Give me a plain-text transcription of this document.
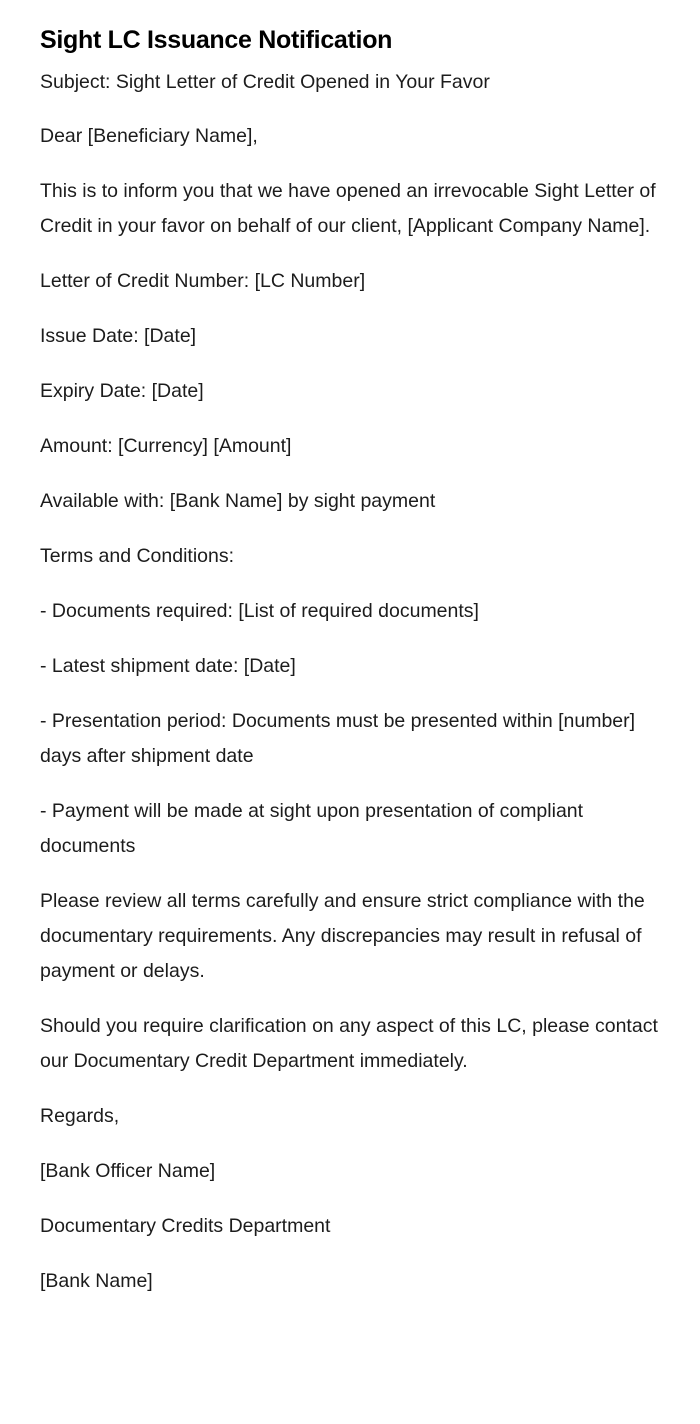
Sight LC Issuance Notification

Subject: Sight Letter of Credit Opened in Your Favor

Dear [Beneficiary Name],

This is to inform you that we have opened an irrevocable Sight Letter of Credit in your favor on behalf of our client, [Applicant Company Name].

Letter of Credit Number: [LC Number]

Issue Date: [Date]

Expiry Date: [Date]

Amount: [Currency] [Amount]

Available with: [Bank Name] by sight payment

Terms and Conditions:

- Documents required: [List of required documents]

- Latest shipment date: [Date]

- Presentation period: Documents must be presented within [number] days after shipment date

- Payment will be made at sight upon presentation of compliant documents

Please review all terms carefully and ensure strict compliance with the documentary requirements. Any discrepancies may result in refusal of payment or delays.

Should you require clarification on any aspect of this LC, please contact our Documentary Credit Department immediately.

Regards,

[Bank Officer Name]

Documentary Credits Department

[Bank Name]
